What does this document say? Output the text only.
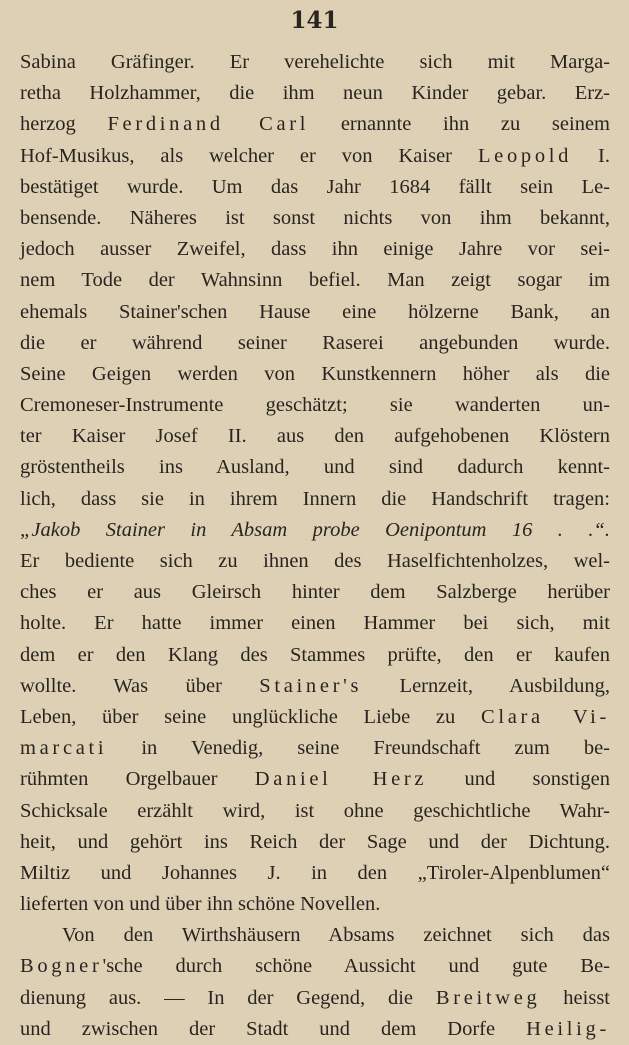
141
Sabina Gräfinger. Er verehelichte sich mit Marga-
retha Holzhammer, die ihm neun Kinder gebar. Erz-
herzog Ferdinand Carl ernannte ihn zu seinem
Hof-Musikus, als welcher er von Kaiser Leopold I.
bestätiget wurde. Um das Jahr 1684 fällt sein Le-
bensende. Näheres ist sonst nichts von ihm bekannt,
jedoch ausser Zweifel, dass ihn einige Jahre vor sei-
nem Tode der Wahnsinn befiel. Man zeigt sogar im
ehemals Stainer'schen Hause eine hölzerne Bank, an
die er während seiner Raserei angebunden wurde.
Seine Geigen werden von Kunstkennern höher als die
Cremoneser-Instrumente geschätzt; sie wanderten un-
ter Kaiser Josef II. aus den aufgehobenen Klöstern
gröstentheils ins Ausland, und sind dadurch kennt-
lich, dass sie in ihrem Innern die Handschrift tragen:
„Jakob Stainer in Absam probe Oenipontum 16 . .“.
Er bediente sich zu ihnen des Haselfichtenholzes, wel-
ches er aus Gleirsch hinter dem Salzberge herüber
holte. Er hatte immer einen Hammer bei sich, mit
dem er den Klang des Stammes prüfte, den er kaufen
wollte. Was über Stainer's Lernzeit, Ausbildung,
Leben, über seine unglückliche Liebe zu Clara Vi-
marcati in Venedig, seine Freundschaft zum be-
rühmten Orgelbauer Daniel Herz und sonstigen
Schicksale erzählt wird, ist ohne geschichtliche Wahr-
heit, und gehört ins Reich der Sage und der Dichtung.
Miltiz und Johannes J. in den „Tiroler-Alpenblumen“
lieferten von und über ihn schöne Novellen.
Von den Wirthshäusern Absams zeichnet sich das
Bogner'sche durch schöne Aussicht und gute Be-
dienung aus. — In der Gegend, die Breitweg heisst
und zwischen der Stadt und dem Dorfe Heilig-
